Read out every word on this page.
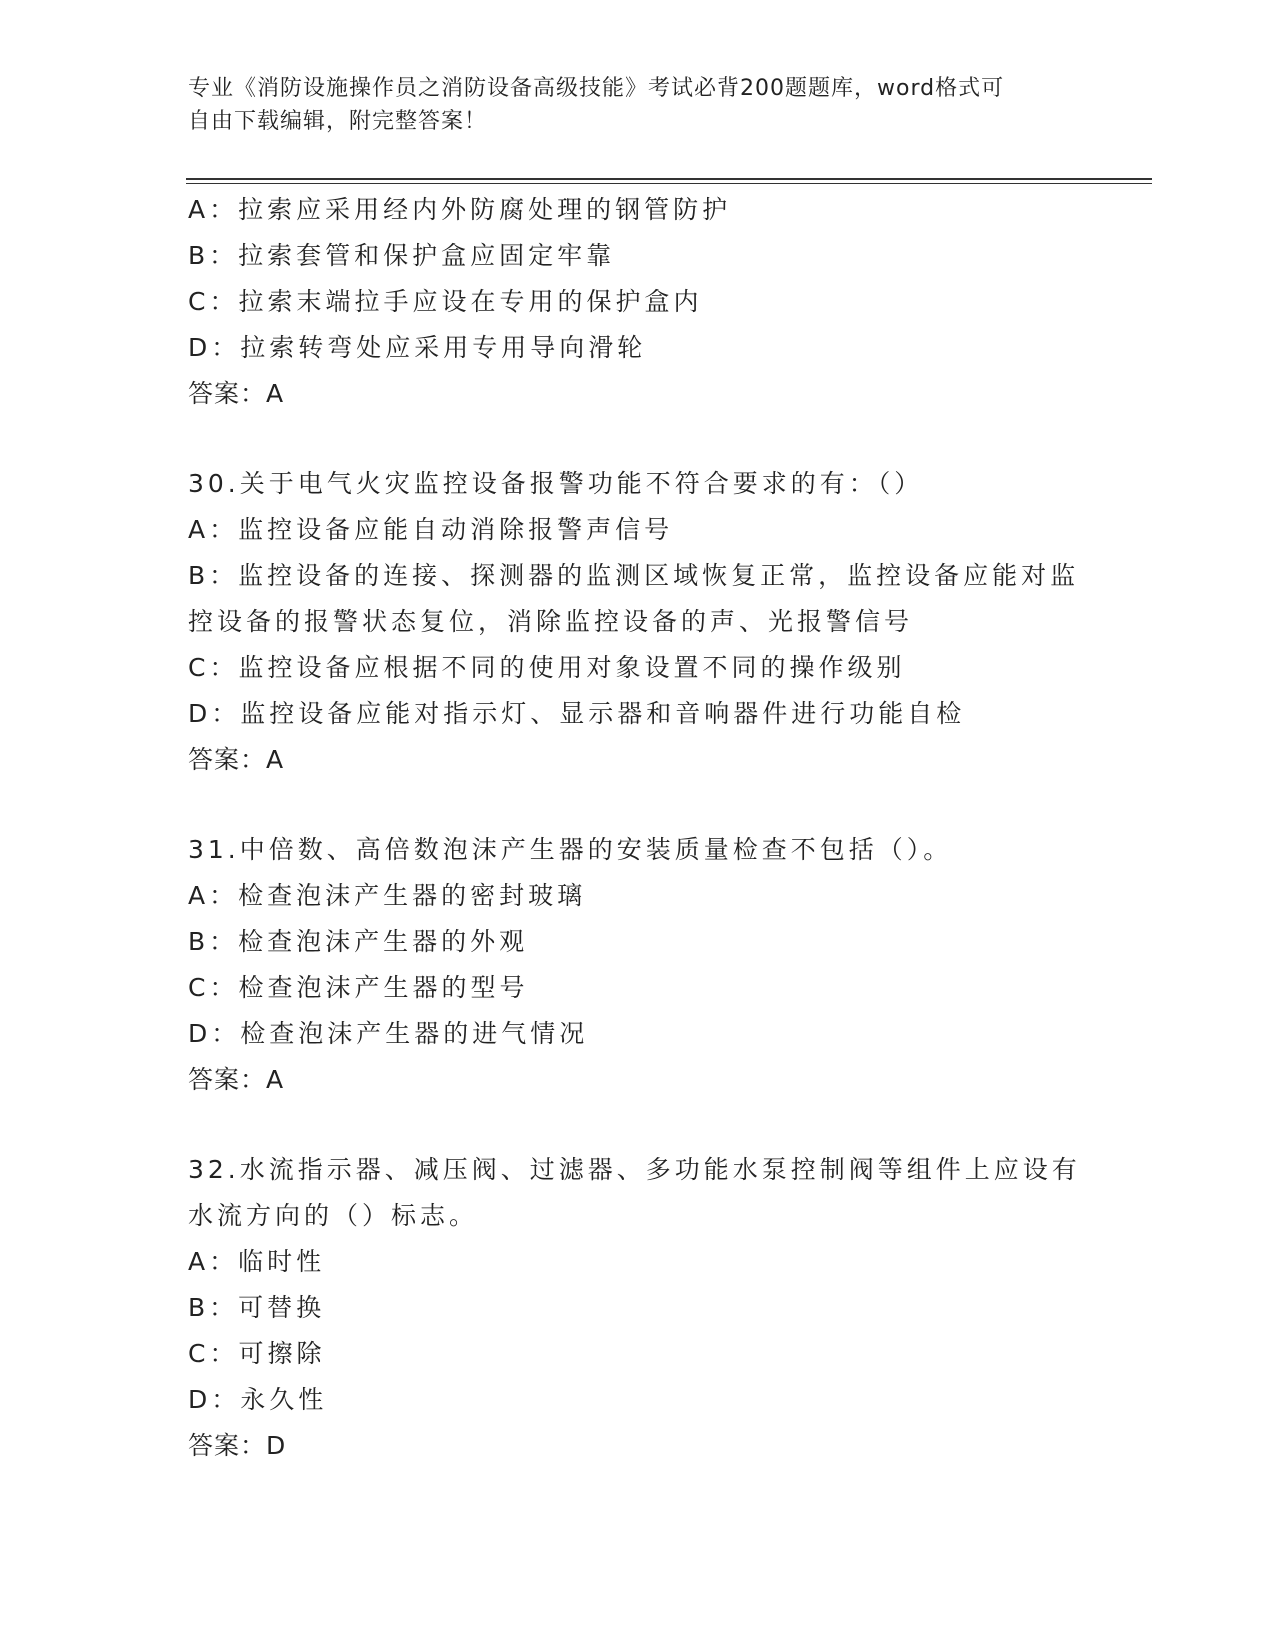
专业《消防设施操作员之消防设备高级技能》考试必背200题题库，word格式可
自由下载编辑，附完整答案！
A：拉索应采用经内外防腐处理的钢管防护
B：拉索套管和保护盒应固定牢靠
C：拉索末端拉手应设在专用的保护盒内
D：拉索转弯处应采用专用导向滑轮
答案：A
30.关于电气火灾监控设备报警功能不符合要求的有：（）
A：监控设备应能自动消除报警声信号
B：监控设备的连接、探测器的监测区域恢复正常，监控设备应能对监
控设备的报警状态复位，消除监控设备的声、光报警信号
C：监控设备应根据不同的使用对象设置不同的操作级别
D：监控设备应能对指示灯、显示器和音响器件进行功能自检
答案：A
31.中倍数、高倍数泡沫产生器的安装质量检查不包括（）。
A：检查泡沫产生器的密封玻璃
B：检查泡沫产生器的外观
C：检查泡沫产生器的型号
D：检查泡沫产生器的进气情况
答案：A
32.水流指示器、减压阀、过滤器、多功能水泵控制阀等组件上应设有
水流方向的（）标志。
A：临时性
B：可替换
C：可擦除
D：永久性
答案：D
